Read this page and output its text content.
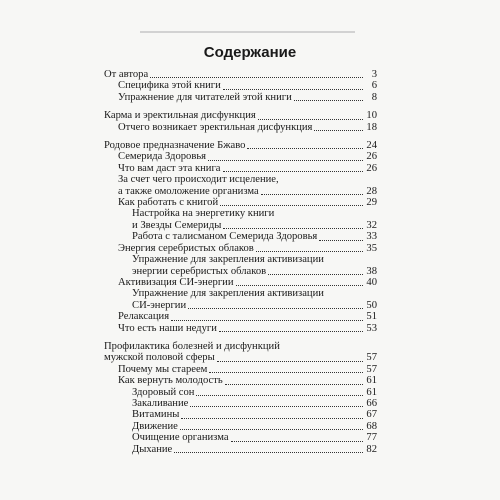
Содержание
От автора	3
Специфика этой книги	6
Упражнение для читателей этой книги	8
Карма и эректильная дисфункция	10
Отчего возникает эректильная дисфункция	18
Родовое предназначение Бжаво	24
Семерида Здоровья	26
Что вам даст эта книга	26
За счет чего происходит исцеление,
а также омоложение организма	28
Как работать с книгой	29
Настройка на энергетику книги
и Звезды Семериды	32
Работа с талисманом Семерида Здоровья	33
Энергия серебристых облаков	35
Упражнение для закрепления активизации
энергии серебристых облаков	38
Активизация СИ-энергии	40
Упражнение для закрепления активизации
СИ-энергии	50
Релаксация	51
Что есть наши недуги	53
Профилактика болезней и дисфункций
мужской половой сферы	57
Почему мы стареем	57
Как вернуть молодость	61
Здоровый сон	61
Закаливание	66
Витамины	67
Движение	68
Очищение организма	77
Дыхание	82
